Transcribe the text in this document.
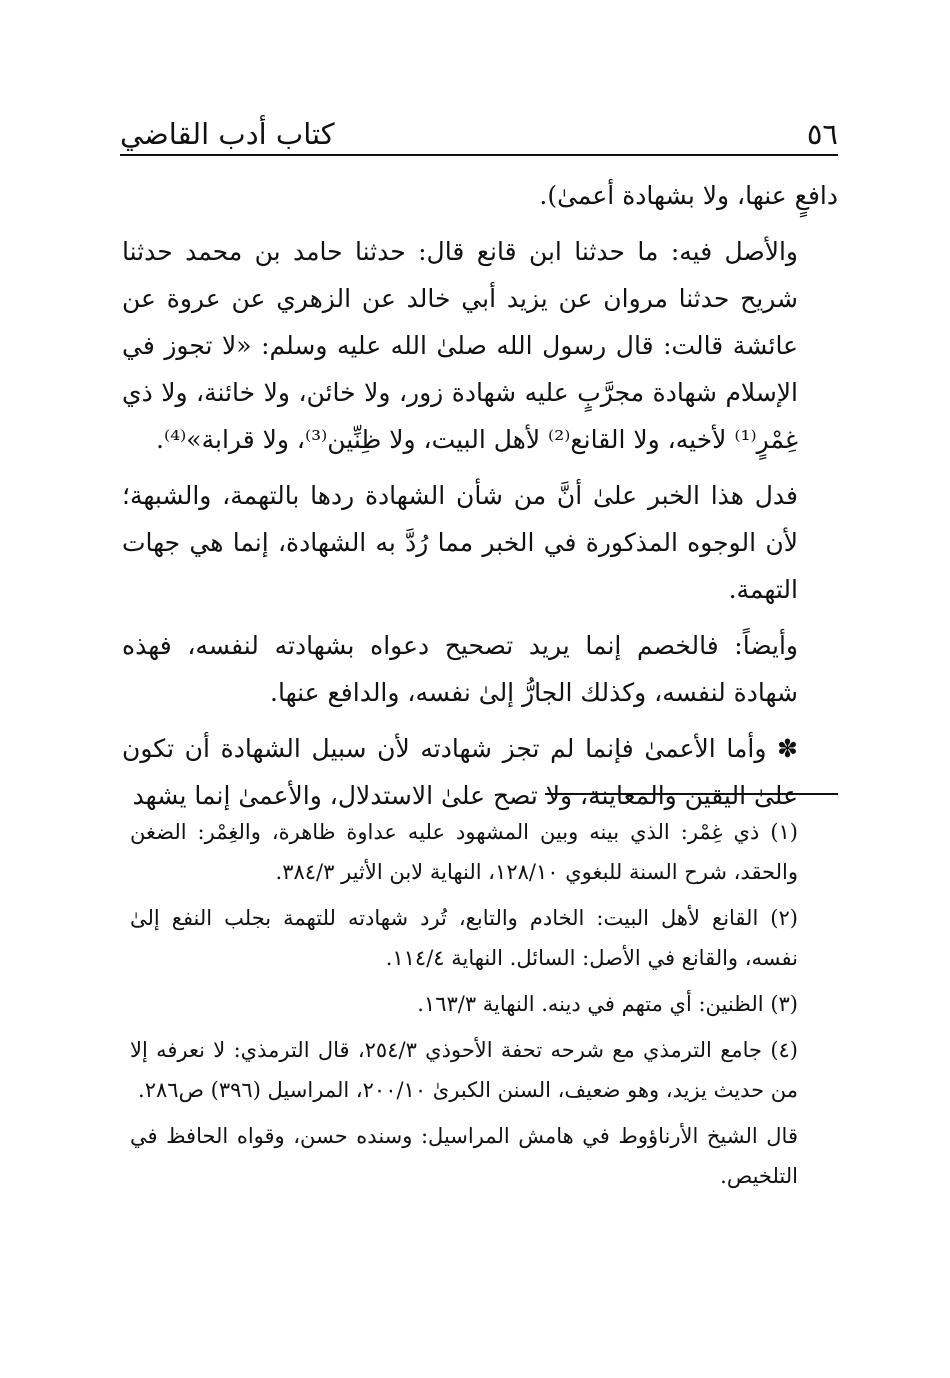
٥٦
كتاب أدب القاضي

دافعٍ عنها، ولا بشهادة أعمىٰ).

والأصل فيه: ما حدثنا ابن قانع قال: حدثنا حامد بن محمد حدثنا شريح حدثنا مروان عن يزيد أبي خالد عن الزهري عن عروة عن عائشة قالت: قال رسول الله صلىٰ الله عليه وسلم: «لا تجوز في الإسلام شهادة مجرَّبٍ عليه شهادة زور، ولا خائن، ولا خائنة، ولا ذي غِمْرٍ⁽¹⁾ لأخيه، ولا القانع⁽²⁾ لأهل البيت، ولا ظِنِّين⁽³⁾، ولا قرابة»⁽⁴⁾.

فدل هذا الخبر علىٰ أنَّ من شأن الشهادة ردها بالتهمة، والشبهة؛ لأن الوجوه المذكورة في الخبر مما رُدَّ به الشهادة، إنما هي جهات التهمة.

وأيضاً: فالخصم إنما يريد تصحيح دعواه بشهادته لنفسه، فهذه شهادة لنفسه، وكذلك الجارُّ إلىٰ نفسه، والدافع عنها.

✽ وأما الأعمىٰ فإنما لم تجز شهادته لأن سبيل الشهادة أن تكون علىٰ اليقين والمعاينة، ولا تصح علىٰ الاستدلال، والأعمىٰ إنما يشهد

(١) ذي غِمْر: الذي بينه وبين المشهود عليه عداوة ظاهرة، والغِمْر: الضغن والحقد، شرح السنة للبغوي ١٢٨/١٠، النهاية لابن الأثير ٣٨٤/٣.

(٢) القانع لأهل البيت: الخادم والتابع، تُرد شهادته للتهمة بجلب النفع إلىٰ نفسه، والقانع في الأصل: السائل. النهاية ١١٤/٤.

(٣) الظنين: أي متهم في دينه. النهاية ١٦٣/٣.

(٤) جامع الترمذي مع شرحه تحفة الأحوذي ٢٥٤/٣، قال الترمذي: لا نعرفه إلا من حديث يزيد، وهو ضعيف، السنن الكبرىٰ ٢٠٠/١٠، المراسيل (٣٩٦) ص٢٨٦.

قال الشيخ الأرناؤوط في هامش المراسيل: وسنده حسن، وقواه الحافظ في التلخيص.
